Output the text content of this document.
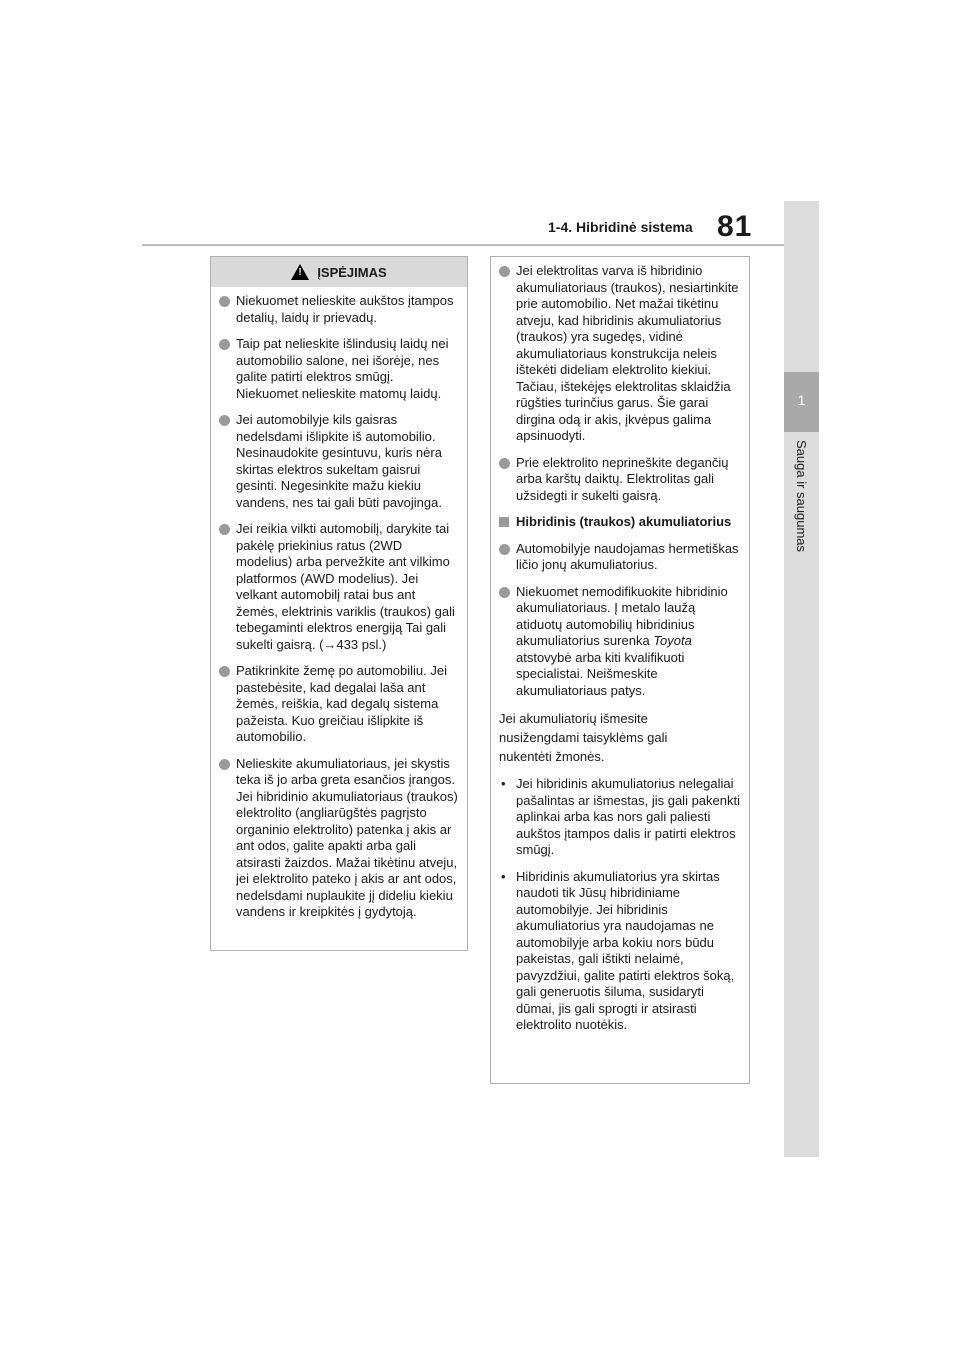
1-4. Hibridinė sistema 81
1
Sauga ir saugumas
! ĮSPĖJIMAS
Niekuomet nelieskite aukštos įtampos detalių, laidų ir prievadų.
Taip pat nelieskite išlindusių laidų nei automobilio salone, nei išorėje, nes galite patirti elektros smūgį. Niekuomet nelieskite matomų laidų.
Jei automobilyje kils gaisras nedelsdami išlipkite iš automobilio. Nesinaudokite gesintuvu, kuris nėra skirtas elektros sukeltam gaisrui gesinti. Negesinkite mažu kiekiu vandens, nes tai gali būti pavojinga.
Jei reikia vilkti automobilį, darykite tai pakėlę priekinius ratus (2WD modelius) arba pervežkite ant vilkimo platformos (AWD modelius). Jei velkant automobilį ratai bus ant žemės, elektrinis variklis (traukos) gali tebegaminti elektros energiją Tai gali sukelti gaisrą. (→433 psl.)
Patikrinkite žemę po automobiliu. Jei pastebėsite, kad degalai laša ant žemės, reiškia, kad degalų sistema pažeista. Kuo greičiau išlipkite iš automobilio.
Nelieskite akumuliatoriaus, jei skystis teka iš jo arba greta esančios įrangos. Jei hibridinio akumuliatoriaus (traukos) elektrolito (angliarūgštės pagrįsto organinio elektrolito) patenka į akis ar ant odos, galite apakti arba gali atsirasti žaizdos. Mažai tikėtinu atveju, jei elektrolito pateko į akis ar ant odos, nedelsdami nuplaukite jį dideliu kiekiu vandens ir kreipkitės į gydytoją.
Jei elektrolitas varva iš hibridinio akumuliatoriaus (traukos), nesiartinkite prie automobilio. Net mažai tikėtinu atveju, kad hibridinis akumuliatorius (traukos) yra sugedęs, vidinė akumuliatoriaus konstrukcija neleis ištekėti dideliam elektrolito kiekiui. Tačiau, ištekėjęs elektrolitas sklaidžia rūgšties turinčius garus. Šie garai dirgina odą ir akis, įkvėpus galima apsinuodyti.
Prie elektrolito neprineškite degančių arba karštų daiktų. Elektrolitas gali užsidegti ir sukelti gaisrą.
Hibridinis (traukos) akumuliatorius
Automobilyje naudojamas hermetiškas ličio jonų akumuliatorius.
Niekuomet nemodifikuokite hibridinio akumuliatoriaus. Į metalo laužą atiduotų automobilių hibridinius akumuliatorius surenka Toyota atstovybė arba kiti kvalifikuoti specialistai. Neišmeskite akumuliatoriaus patys.
Jei akumuliatorių išmesite
nusižengdami taisyklėms gali
nukentėti žmonės.
• Jei hibridinis akumuliatorius nelegaliai pašalintas ar išmestas, jis gali pakenkti aplinkai arba kas nors gali paliesti aukštos įtampos dalis ir patirti elektros smūgį.
• Hibridinis akumuliatorius yra skirtas naudoti tik Jūsų hibridiniame automobilyje. Jei hibridinis akumuliatorius yra naudojamas ne automobilyje arba kokiu nors būdu pakeistas, gali ištikti nelaimė, pavyzdžiui, galite patirti elektros šoką, gali generuotis šiluma, susidaryti dūmai, jis gali sprogti ir atsirasti elektrolito nuotėkis.
